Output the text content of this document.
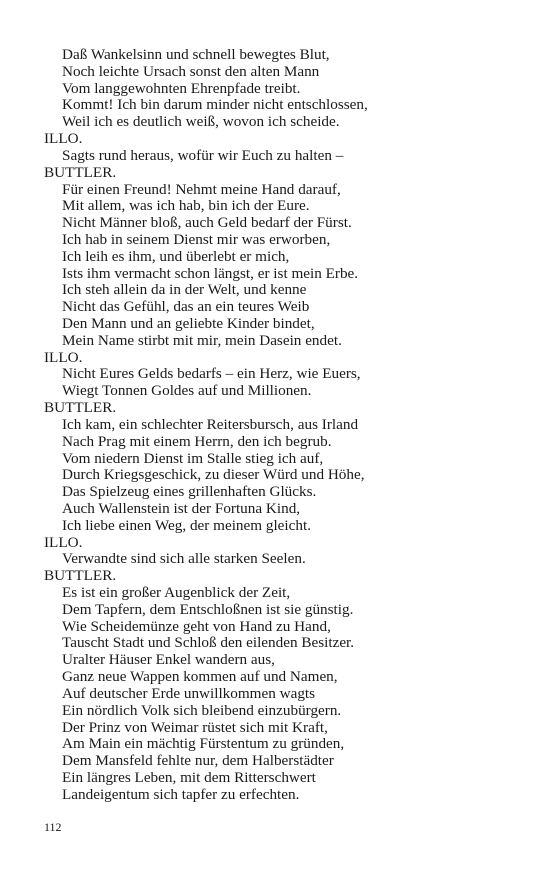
Daß Wankelsinn und schnell bewegtes Blut,
Noch leichte Ursach sonst den alten Mann
Vom langgewohnten Ehrenpfade treibt.
Kommt! Ich bin darum minder nicht entschlossen,
Weil ich es deutlich weiß, wovon ich scheide.
ILLO.
Sagts rund heraus, wofür wir Euch zu halten –
BUTTLER.
Für einen Freund! Nehmt meine Hand darauf,
Mit allem, was ich hab, bin ich der Eure.
Nicht Männer bloß, auch Geld bedarf der Fürst.
Ich hab in seinem Dienst mir was erworben,
Ich leih es ihm, und überlebt er mich,
Ists ihm vermacht schon längst, er ist mein Erbe.
Ich steh allein da in der Welt, und kenne
Nicht das Gefühl, das an ein teures Weib
Den Mann und an geliebte Kinder bindet,
Mein Name stirbt mit mir, mein Dasein endet.
ILLO.
Nicht Eures Gelds bedarfs – ein Herz, wie Euers,
Wiegt Tonnen Goldes auf und Millionen.
BUTTLER.
Ich kam, ein schlechter Reitersbursch, aus Irland
Nach Prag mit einem Herrn, den ich begrub.
Vom niedern Dienst im Stalle stieg ich auf,
Durch Kriegsgeschick, zu dieser Würd und Höhe,
Das Spielzeug eines grillenhaften Glücks.
Auch Wallenstein ist der Fortuna Kind,
Ich liebe einen Weg, der meinem gleicht.
ILLO.
Verwandte sind sich alle starken Seelen.
BUTTLER.
Es ist ein großer Augenblick der Zeit,
Dem Tapfern, dem Entschloßnen ist sie günstig.
Wie Scheidemünze geht von Hand zu Hand,
Tauscht Stadt und Schloß den eilenden Besitzer.
Uralter Häuser Enkel wandern aus,
Ganz neue Wappen kommen auf und Namen,
Auf deutscher Erde unwillkommen wagts
Ein nördlich Volk sich bleibend einzubürgern.
Der Prinz von Weimar rüstet sich mit Kraft,
Am Main ein mächtig Fürstentum zu gründen,
Dem Mansfeld fehlte nur, dem Halberstädter
Ein längres Leben, mit dem Ritterschwert
Landeigentum sich tapfer zu erfechten.
112
